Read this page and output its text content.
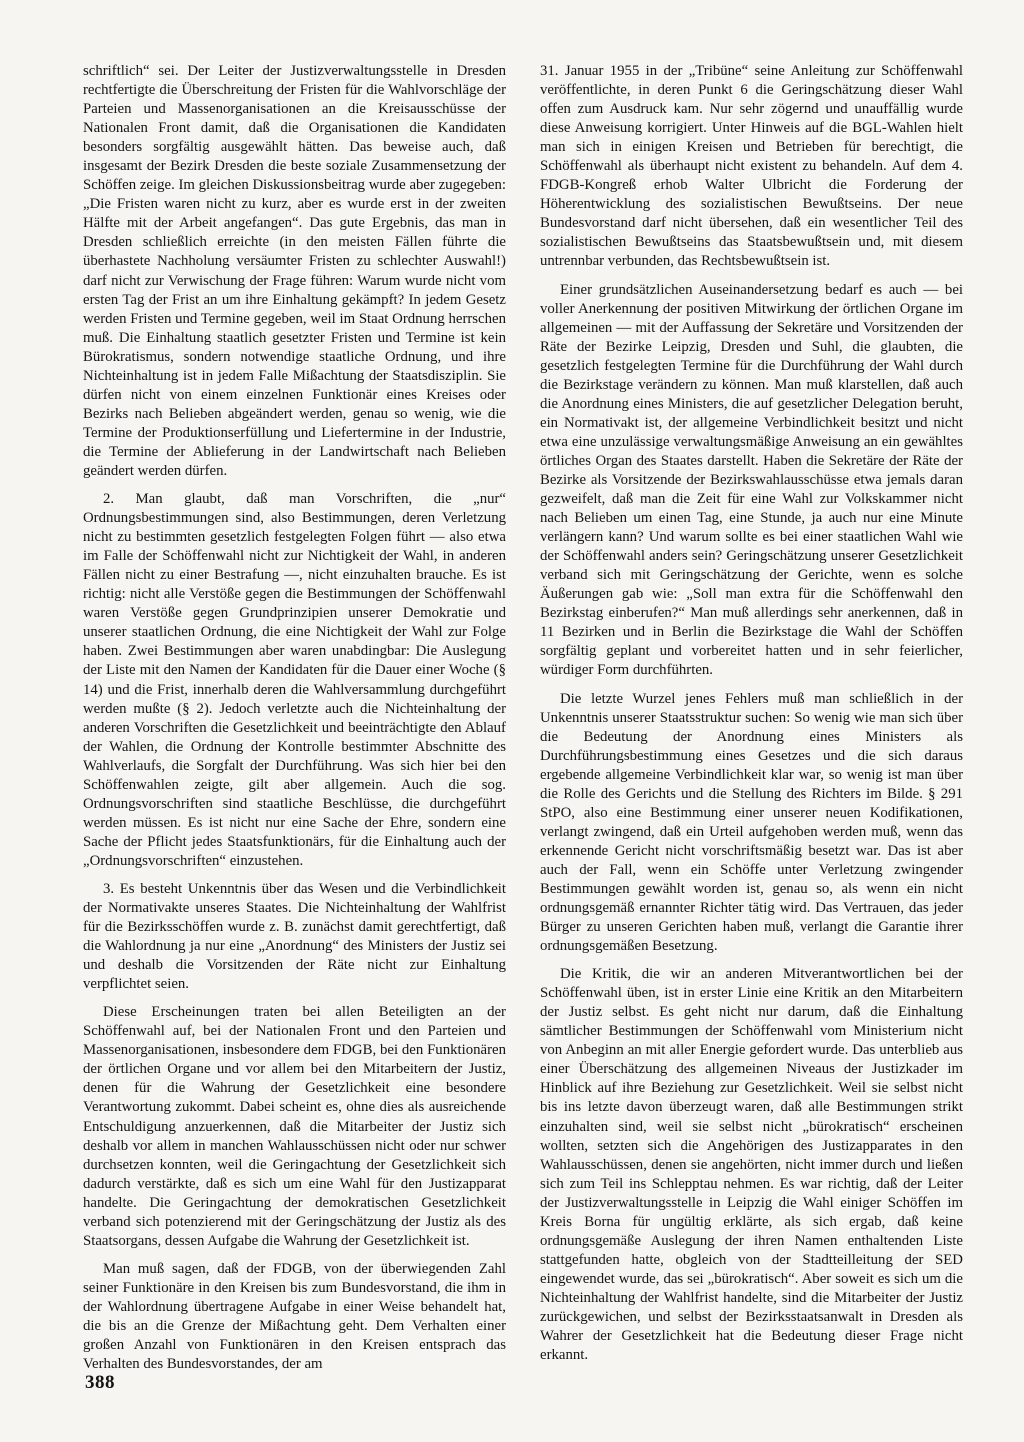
schriftlich“ sei. Der Leiter der Justizverwaltungsstelle in Dresden rechtfertigte die Überschreitung der Fristen für die Wahlvorschläge der Parteien und Massenorganisationen an die Kreisausschüsse der Nationalen Front damit, daß die Organisationen die Kandidaten besonders sorgfältig ausgewählt hätten. Das beweise auch, daß insgesamt der Bezirk Dresden die beste soziale Zusammensetzung der Schöffen zeige. Im gleichen Diskussionsbeitrag wurde aber zugegeben: „Die Fristen waren nicht zu kurz, aber es wurde erst in der zweiten Hälfte mit der Arbeit angefangen“. Das gute Ergebnis, das man in Dresden schließlich erreichte (in den meisten Fällen führte die überhastete Nachholung versäumter Fristen zu schlechter Auswahl!) darf nicht zur Verwischung der Frage führen: Warum wurde nicht vom ersten Tag der Frist an um ihre Einhaltung gekämpft? In jedem Gesetz werden Fristen und Termine gegeben, weil im Staat Ordnung herrschen muß. Die Einhaltung staatlich gesetzter Fristen und Termine ist kein Bürokratismus, sondern notwendige staatliche Ordnung, und ihre Nichteinhaltung ist in jedem Falle Mißachtung der Staatsdisziplin. Sie dürfen nicht von einem einzelnen Funktionär eines Kreises oder Bezirks nach Belieben abgeändert werden, genau so wenig, wie die Termine der Produktionserfüllung und Liefertermine in der Industrie, die Termine der Ablieferung in der Landwirtschaft nach Belieben geändert werden dürfen.

2. Man glaubt, daß man Vorschriften, die „nur“ Ordnungsbestimmungen sind, also Bestimmungen, deren Verletzung nicht zu bestimmten gesetzlich festgelegten Folgen führt — also etwa im Falle der Schöffenwahl nicht zur Nichtigkeit der Wahl, in anderen Fällen nicht zu einer Bestrafung —, nicht einzuhalten brauche. Es ist richtig: nicht alle Verstöße gegen die Bestimmungen der Schöffenwahl waren Verstöße gegen Grundprinzipien unserer Demokratie und unserer staatlichen Ordnung, die eine Nichtigkeit der Wahl zur Folge haben. Zwei Bestimmungen aber waren unabdingbar: Die Auslegung der Liste mit den Namen der Kandidaten für die Dauer einer Woche (§ 14) und die Frist, innerhalb deren die Wahlversammlung durchgeführt werden mußte (§ 2). Jedoch verletzte auch die Nichteinhaltung der anderen Vorschriften die Gesetzlichkeit und beeinträchtigte den Ablauf der Wahlen, die Ordnung der Kontrolle bestimmter Abschnitte des Wahlverlaufs, die Sorgfalt der Durchführung. Was sich hier bei den Schöffenwahlen zeigte, gilt aber allgemein. Auch die sog. Ordnungsvorschriften sind staatliche Beschlüsse, die durchgeführt werden müssen. Es ist nicht nur eine Sache der Ehre, sondern eine Sache der Pflicht jedes Staatsfunktionärs, für die Einhaltung auch der „Ordnungsvorschriften“ einzustehen.

3. Es besteht Unkenntnis über das Wesen und die Verbindlichkeit der Normativakte unseres Staates. Die Nichteinhaltung der Wahlfrist für die Bezirksschöffen wurde z. B. zunächst damit gerechtfertigt, daß die Wahlordnung ja nur eine „Anordnung“ des Ministers der Justiz sei und deshalb die Vorsitzenden der Räte nicht zur Einhaltung verpflichtet seien.

Diese Erscheinungen traten bei allen Beteiligten an der Schöffenwahl auf, bei der Nationalen Front und den Parteien und Massenorganisationen, insbesondere dem FDGB, bei den Funktionären der örtlichen Organe und vor allem bei den Mitarbeitern der Justiz, denen für die Wahrung der Gesetzlichkeit eine besondere Verantwortung zukommt. Dabei scheint es, ohne dies als ausreichende Entschuldigung anzuerkennen, daß die Mitarbeiter der Justiz sich deshalb vor allem in manchen Wahlausschüssen nicht oder nur schwer durchsetzen konnten, weil die Geringachtung der Gesetzlichkeit sich dadurch verstärkte, daß es sich um eine Wahl für den Justizapparat handelte. Die Geringachtung der demokratischen Gesetzlichkeit verband sich potenzierend mit der Geringschätzung der Justiz als des Staatsorgans, dessen Aufgabe die Wahrung der Gesetzlichkeit ist.

Man muß sagen, daß der FDGB, von der überwiegenden Zahl seiner Funktionäre in den Kreisen bis zum Bundesvorstand, die ihm in der Wahlordnung übertragene Aufgabe in einer Weise behandelt hat, die bis an die Grenze der Mißachtung geht. Dem Verhalten einer großen Anzahl von Funktionären in den Kreisen entsprach das Verhalten des Bundesvorstandes, der am

31. Januar 1955 in der „Tribüne“ seine Anleitung zur Schöffenwahl veröffentlichte, in deren Punkt 6 die Geringschätzung dieser Wahl offen zum Ausdruck kam. Nur sehr zögernd und unauffällig wurde diese Anweisung korrigiert. Unter Hinweis auf die BGL-Wahlen hielt man sich in einigen Kreisen und Betrieben für berechtigt, die Schöffenwahl als überhaupt nicht existent zu behandeln. Auf dem 4. FDGB-Kongreß erhob Walter Ulbricht die Forderung der Höherentwicklung des sozialistischen Bewußtseins. Der neue Bundesvorstand darf nicht übersehen, daß ein wesentlicher Teil des sozialistischen Bewußtseins das Staatsbewußtsein und, mit diesem untrennbar verbunden, das Rechtsbewußtsein ist.

Einer grundsätzlichen Auseinandersetzung bedarf es auch — bei voller Anerkennung der positiven Mitwirkung der örtlichen Organe im allgemeinen — mit der Auffassung der Sekretäre und Vorsitzenden der Räte der Bezirke Leipzig, Dresden und Suhl, die glaubten, die gesetzlich festgelegten Termine für die Durchführung der Wahl durch die Bezirkstage verändern zu können. Man muß klarstellen, daß auch die Anordnung eines Ministers, die auf gesetzlicher Delegation beruht, ein Normativakt ist, der allgemeine Verbindlichkeit besitzt und nicht etwa eine unzulässige verwaltungsmäßige Anweisung an ein gewähltes örtliches Organ des Staates darstellt. Haben die Sekretäre der Räte der Bezirke als Vorsitzende der Bezirkswahlausschüsse etwa jemals daran gezweifelt, daß man die Zeit für eine Wahl zur Volkskammer nicht nach Belieben um einen Tag, eine Stunde, ja auch nur eine Minute verlängern kann? Und warum sollte es bei einer staatlichen Wahl wie der Schöffenwahl anders sein? Geringschätzung unserer Gesetzlichkeit verband sich mit Geringschätzung der Gerichte, wenn es solche Äußerungen gab wie: „Soll man extra für die Schöffenwahl den Bezirkstag einberufen?“ Man muß allerdings sehr anerkennen, daß in 11 Bezirken und in Berlin die Bezirkstage die Wahl der Schöffen sorgfältig geplant und vorbereitet hatten und in sehr feierlicher, würdiger Form durchführten.

Die letzte Wurzel jenes Fehlers muß man schließlich in der Unkenntnis unserer Staatsstruktur suchen: So wenig wie man sich über die Bedeutung der Anordnung eines Ministers als Durchführungsbestimmung eines Gesetzes und die sich daraus ergebende allgemeine Verbindlichkeit klar war, so wenig ist man über die Rolle des Gerichts und die Stellung des Richters im Bilde. § 291 StPO, also eine Bestimmung einer unserer neuen Kodifikationen, verlangt zwingend, daß ein Urteil aufgehoben werden muß, wenn das erkennende Gericht nicht vorschriftsmäßig besetzt war. Das ist aber auch der Fall, wenn ein Schöffe unter Verletzung zwingender Bestimmungen gewählt worden ist, genau so, als wenn ein nicht ordnungsgemäß ernannter Richter tätig wird. Das Vertrauen, das jeder Bürger zu unseren Gerichten haben muß, verlangt die Garantie ihrer ordnungsgemäßen Besetzung.

Die Kritik, die wir an anderen Mitverantwortlichen bei der Schöffenwahl üben, ist in erster Linie eine Kritik an den Mitarbeitern der Justiz selbst. Es geht nicht nur darum, daß die Einhaltung sämtlicher Bestimmungen der Schöffenwahl vom Ministerium nicht von Anbeginn an mit aller Energie gefordert wurde. Das unterblieb aus einer Überschätzung des allgemeinen Niveaus der Justizkader im Hinblick auf ihre Beziehung zur Gesetzlichkeit. Weil sie selbst nicht bis ins letzte davon überzeugt waren, daß alle Bestimmungen strikt einzuhalten sind, weil sie selbst nicht „bürokratisch“ erscheinen wollten, setzten sich die Angehörigen des Justizapparates in den Wahlausschüssen, denen sie angehörten, nicht immer durch und ließen sich zum Teil ins Schlepptau nehmen. Es war richtig, daß der Leiter der Justizverwaltungsstelle in Leipzig die Wahl einiger Schöffen im Kreis Borna für ungültig erklärte, als sich ergab, daß keine ordnungsgemäße Auslegung der ihren Namen enthaltenden Liste stattgefunden hatte, obgleich von der Stadtteilleitung der SED eingewendet wurde, das sei „bürokratisch“. Aber soweit es sich um die Nichteinhaltung der Wahlfrist handelte, sind die Mitarbeiter der Justiz zurückgewichen, und selbst der Bezirksstaatsanwalt in Dresden als Wahrer der Gesetzlichkeit hat die Bedeutung dieser Frage nicht erkannt.

388
